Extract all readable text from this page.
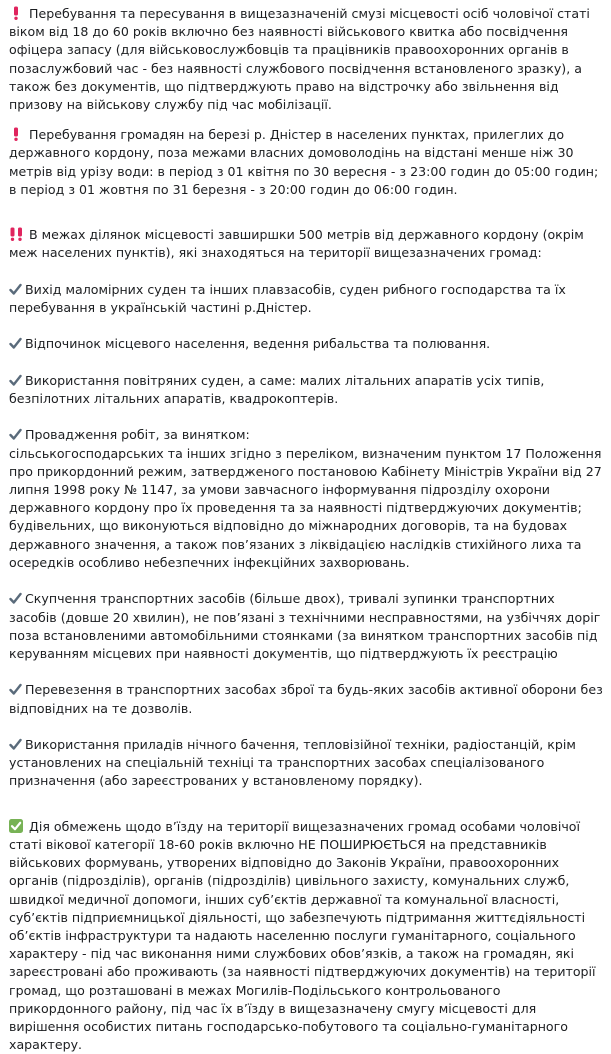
Перебування та пересування в вищезазначеній смузі місцевості осіб чоловічої статі віком від 18 до 60 років включно без наявності військового квитка або посвідчення офіцера запасу (для військовослужбовців та працівників правоохоронних органів в позаслужбовий час - без наявності службового посвідчення встановленого зразку), а також без документів, що підтверджують право на відстрочку або звільнення від призову на військову службу під час мобілізації.

Перебування громадян на березі р. Дністер в населених пунктах, прилеглих до державного кордону, поза межами власних домоволодінь на відстані менше ніж 30 метрів від урізу води: в період з 01 квітня по 30 вересня - з 23:00 годин до 05:00 годин; в період з 01 жовтня по 31 березня - з 20:00 годин до 06:00 годин.

В межах ділянок місцевості завширшки 500 метрів від державного кордону (окрім меж населених пунктів), які знаходяться на території вищезазначених громад:

Вихід маломірних суден та інших плавзасобів, суден рибного господарства та їх перебування в українській частині р.Дністер.

Відпочинок місцевого населення, ведення рибальства та полювання.

Використання повітряних суден, а саме: малих літальних апаратів усіх типів, безпілотних літальних апаратів, квадрокоптерів.

Провадження робіт, за винятком:
сільськогосподарських та інших згідно з переліком, визначеним пунктом 17 Положення про прикордонний режим, затвердженого постановою Кабінету Міністрів України від 27 липня 1998 року № 1147, за умови завчасного інформування підрозділу охорони державного кордону про їх проведення та за наявності підтверджуючих документів;
будівельних, що виконуються відповідно до міжнародних договорів, та на будовах державного значення, а також пов’язаних з ліквідацією наслідків стихійного лиха та осередків особливо небезпечних інфекційних захворювань.

Скупчення транспортних засобів (більше двох), тривалі зупинки транспортних засобів (довше 20 хвилин), не пов’язані з технічними несправностями, на узбіччях доріг поза встановленими автомобільними стоянками (за винятком транспортних засобів під керуванням місцевих при наявності документів, що підтверджують їх реєстрацію

Перевезення в транспортних засобах зброї та будь-яких засобів активної оборони без відповідних на те дозволів.

Використання приладів нічного бачення, тепловізійної техніки, радіостанцій, крім установлених на спеціальній техніці та транспортних засобах спеціалізованого призначення (або зареєстрованих у встановленому порядку).

Дія обмежень щодо в’їзду на території вищезазначених громад особами чоловічої статі вікової категорії 18-60 років включно НЕ ПОШИРЮЄТЬСЯ на представників військових формувань, утворених відповідно до Законів України, правоохоронних органів (підрозділів), органів (підрозділів) цивільного захисту, комунальних служб, швидкої медичної допомоги, інших суб’єктів державної та комунальної власності, суб’єктів підприємницької діяльності, що забезпечують підтримання життєдіяльності об’єктів інфраструктури та надають населенню послуги гуманітарного, соціального характеру - під час виконання ними службових обов’язків, а також на громадян, які зареєстровані або проживають (за наявності підтверджуючих документів) на території громад, що розташовані в межах Могилів-Подільського контрольованого прикордонного району, під час їх в’їзду в вищезазначену смугу місцевості для вирішення особистих питань господарсько-побутового та соціально-гуманітарного характеру.
